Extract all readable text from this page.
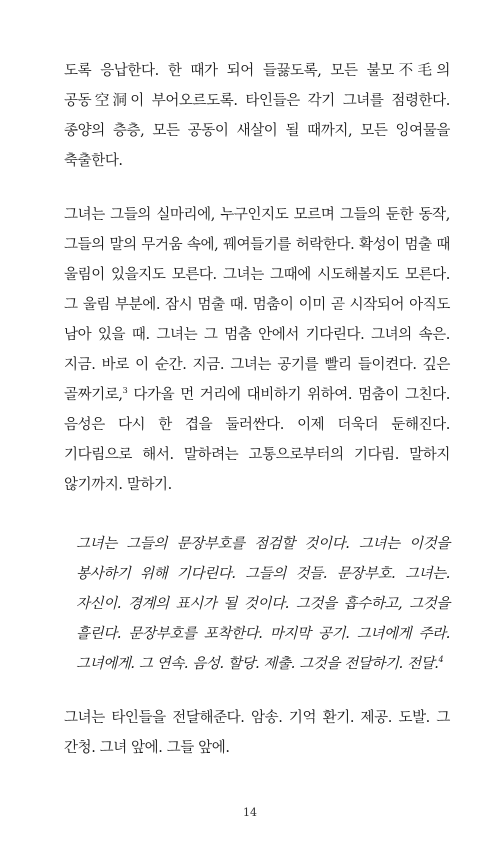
도록 응납한다. 한 때가 되어 들끓도록, 모든 불모不毛의 공동空洞이 부어오르도록. 타인들은 각기 그녀를 점령한다. 종양의 층층, 모든 공동이 새살이 될 때까지, 모든 잉여물을 축출한다.

그녀는 그들의 실마리에, 누구인지도 모르며 그들의 둔한 동작, 그들의 말의 무거움 속에, 꿰여들기를 허락한다. 확성이 멈출 때 울림이 있을지도 모른다. 그녀는 그때에 시도해볼지도 모른다. 그 울림 부분에. 잠시 멈출 때. 멈춤이 이미 곧 시작되어 아직도 남아 있을 때. 그녀는 그 멈춤 안에서 기다린다. 그녀의 속은. 지금. 바로 이 순간. 지금. 그녀는 공기를 빨리 들이켠다. 깊은 골짜기로,$^3$ 다가올 먼 거리에 대비하기 위하여. 멈춤이 그친다. 음성은 다시 한 겹을 둘러싼다. 이제 더욱더 둔해진다. 기다림으로 해서. 말하려는 고통으로부터의 기다림. 말하지 않기까지. 말하기.

그녀는 그들의 문장부호를 점검할 것이다. 그녀는 이것을 봉사하기 위해 기다린다. 그들의 것들. 문장부호. 그녀는. 자신이. 경계의 표시가 될 것이다. 그것을 흡수하고, 그것을 흘린다. 문장부호를 포착한다. 마지막 공기. 그녀에게 주라. 그녀에게. 그 연속. 음성. 할당. 제출. 그것을 전달하기. 전달.$^4$

그녀는 타인들을 전달해준다. 암송. 기억 환기. 제공. 도발. 그 간청. 그녀 앞에. 그들 앞에.

14
